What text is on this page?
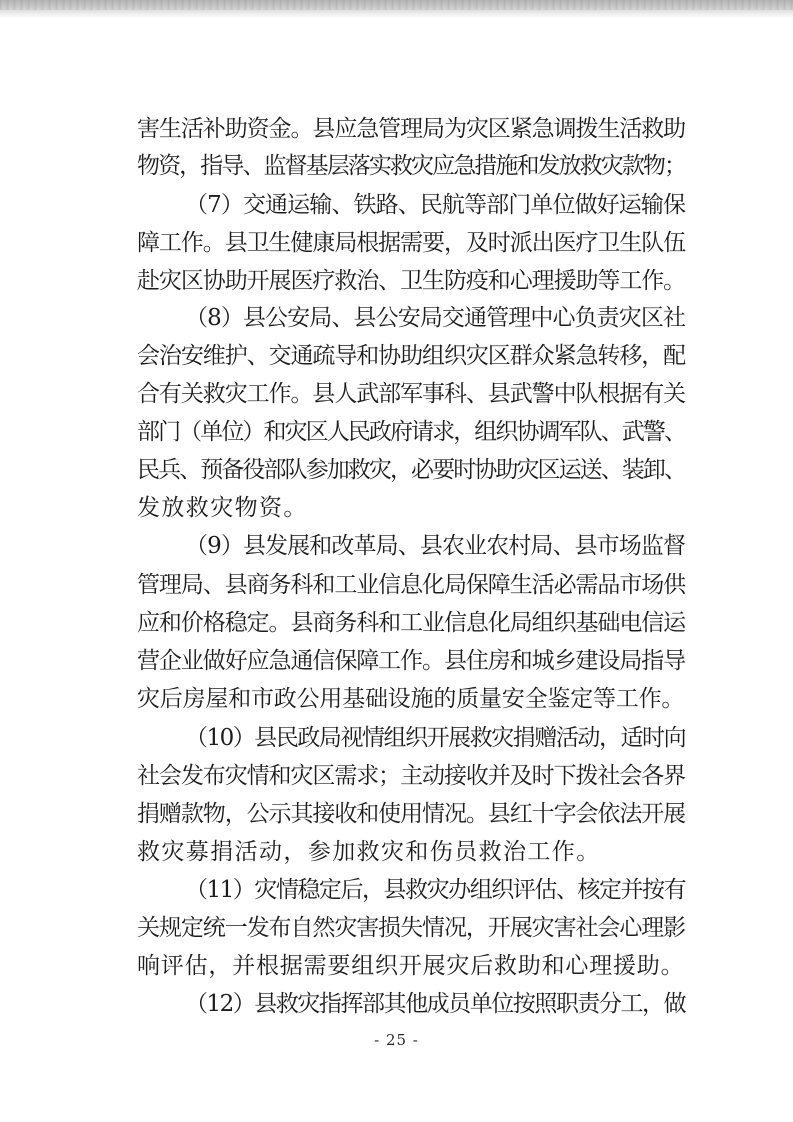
害生活补助资金。县应急管理局为灾区紧急调拨生活救助
物资，指导、监督基层落实救灾应急措施和发放救灾款物；
（7）交通运输、铁路、民航等部门单位做好运输保
障工作。县卫生健康局根据需要，及时派出医疗卫生队伍
赴灾区协助开展医疗救治、卫生防疫和心理援助等工作。
（8）县公安局、县公安局交通管理中心负责灾区社
会治安维护、交通疏导和协助组织灾区群众紧急转移，配
合有关救灾工作。县人武部军事科、县武警中队根据有关
部门（单位）和灾区人民政府请求，组织协调军队、武警、
民兵、预备役部队参加救灾，必要时协助灾区运送、装卸、
发放救灾物资。
（9）县发展和改革局、县农业农村局、县市场监督
管理局、县商务科和工业信息化局保障生活必需品市场供
应和价格稳定。县商务科和工业信息化局组织基础电信运
营企业做好应急通信保障工作。县住房和城乡建设局指导
灾后房屋和市政公用基础设施的质量安全鉴定等工作。
（10）县民政局视情组织开展救灾捐赠活动，适时向
社会发布灾情和灾区需求；主动接收并及时下拨社会各界
捐赠款物，公示其接收和使用情况。县红十字会依法开展
救灾募捐活动，参加救灾和伤员救治工作。
（11）灾情稳定后，县救灾办组织评估、核定并按有
关规定统一发布自然灾害损失情况，开展灾害社会心理影
响评估，并根据需要组织开展灾后救助和心理援助。
（12）县救灾指挥部其他成员单位按照职责分工，做
- 25 -
